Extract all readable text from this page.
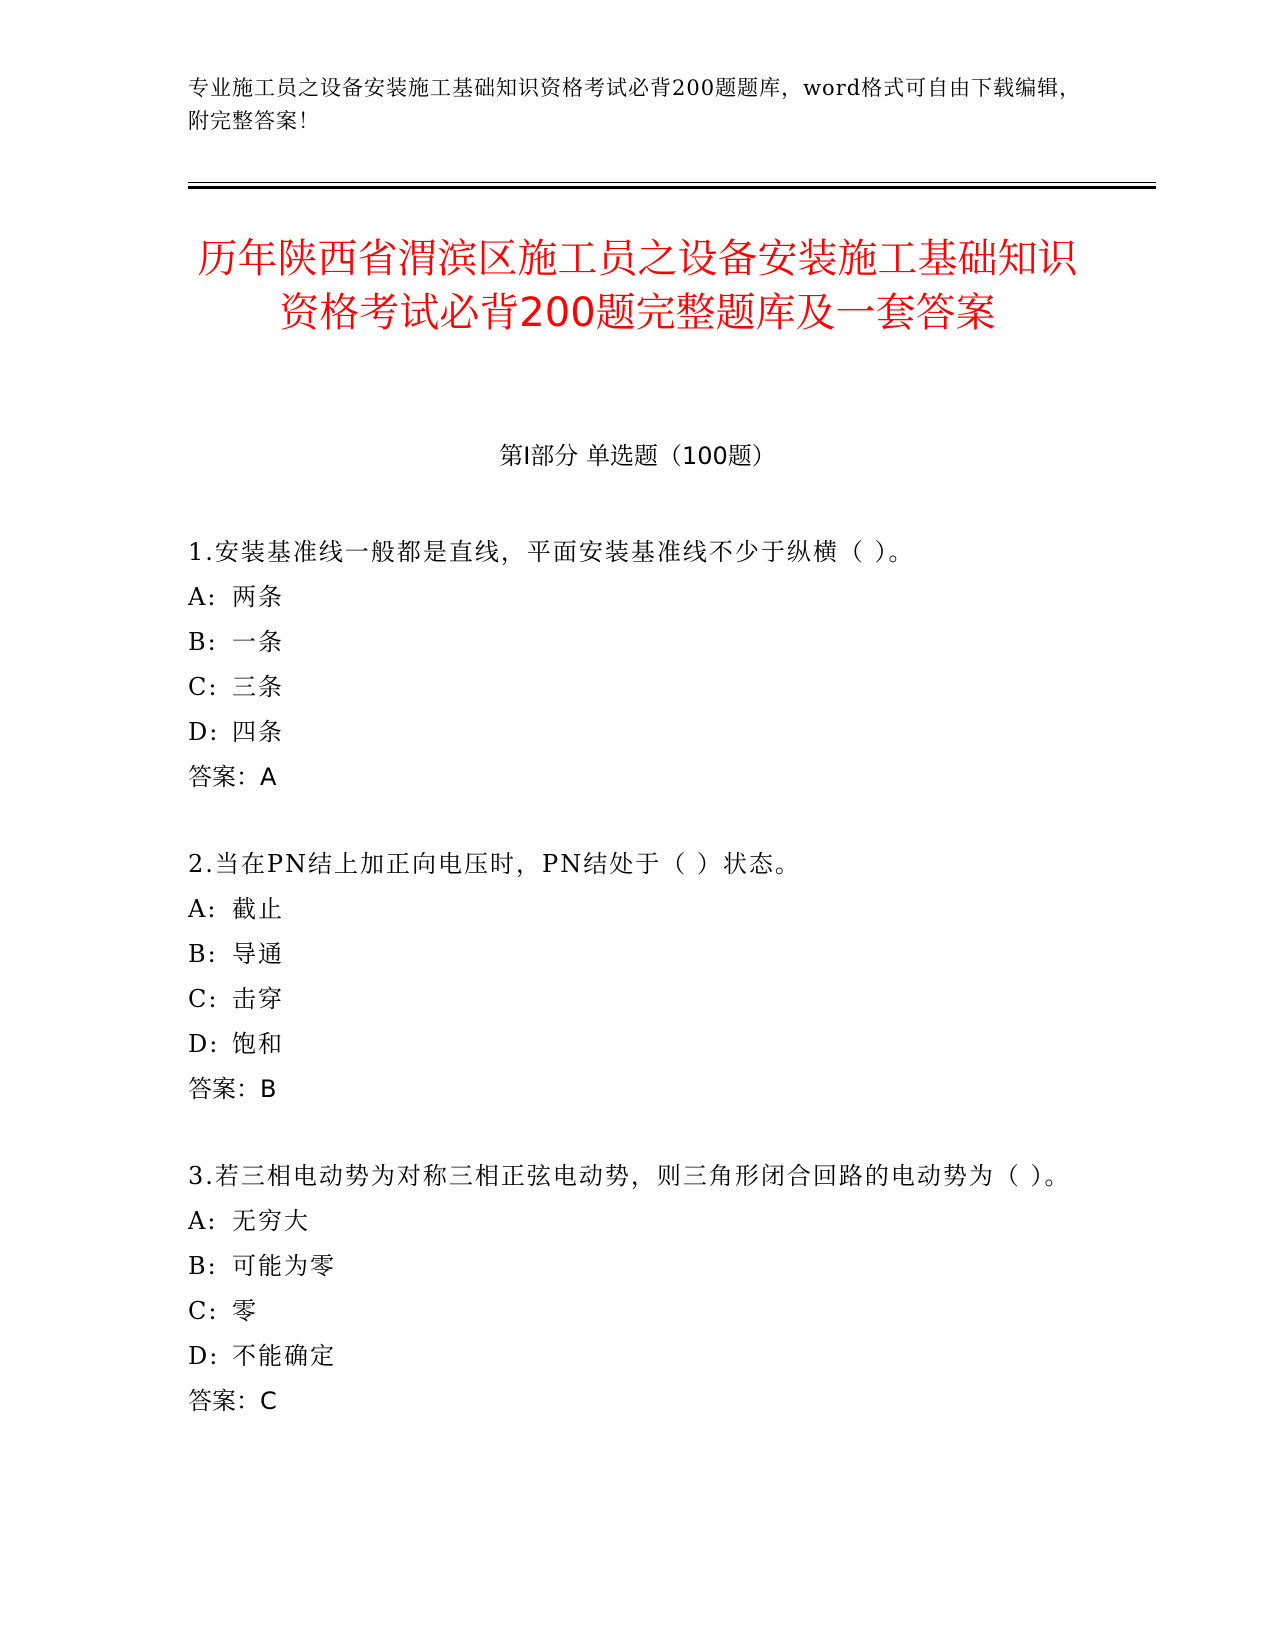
专业施工员之设备安装施工基础知识资格考试必背200题题库，word格式可自由下载编辑，附完整答案！
历年陕西省渭滨区施工员之设备安装施工基础知识资格考试必背200题完整题库及一套答案
第I部分 单选题（100题）
1.安装基准线一般都是直线，平面安装基准线不少于纵横（ ）。
A: 两条
B: 一条
C: 三条
D: 四条
答案：A
2.当在PN结上加正向电压时，PN结处于（ ）状态。
A: 截止
B: 导通
C: 击穿
D: 饱和
答案：B
3.若三相电动势为对称三相正弦电动势，则三角形闭合回路的电动势为（ ）。
A: 无穷大
B: 可能为零
C: 零
D: 不能确定
答案：C
